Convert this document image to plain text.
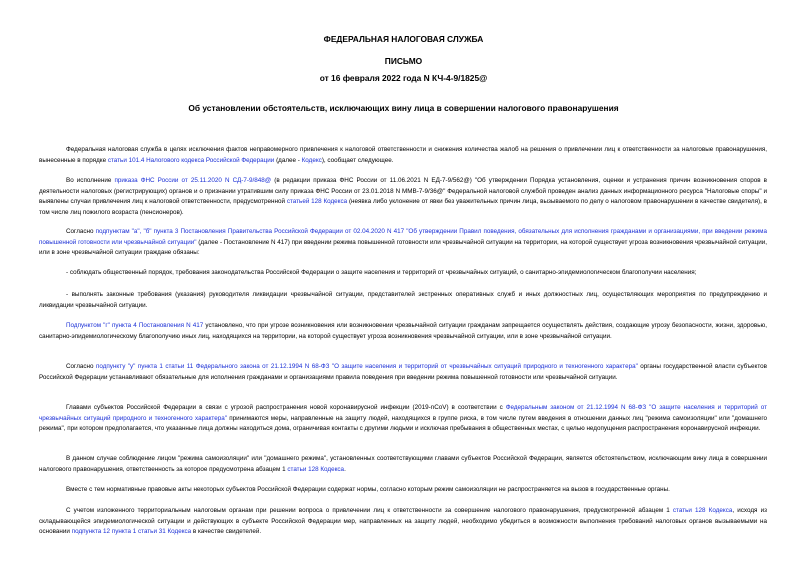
ФЕДЕРАЛЬНАЯ НАЛОГОВАЯ СЛУЖБА
ПИСЬМО
от 16 февраля 2022 года N КЧ-4-9/1825@
Об установлении обстоятельств, исключающих вину лица в совершении налогового правонарушения

Федеральная налоговая служба в целях исключения фактов неправомерного привлечения к налоговой ответственности и снижения количества жалоб на решения о привлечении лиц к ответственности за налоговые правонарушения, вынесенные в порядке статьи 101.4 Налогового кодекса Российской Федерации (далее - Кодекс), сообщает следующее.

Во исполнение приказа ФНС России от 25.11.2020 N СД-7-9/848@ (в редакции приказа ФНС России от 11.06.2021 N ЕД-7-9/562@) "Об утверждении Порядка установления, оценки и устранения причин возникновения споров в деятельности налоговых (регистрирующих) органов и о признании утратившим силу приказа ФНС России от 23.01.2018 N ММВ-7-9/36@" Федеральной налоговой службой проведен анализ данных информационного ресурса "Налоговые споры" и выявлены случаи привлечения лиц к налоговой ответственности, предусмотренной статьей 128 Кодекса (неявка либо уклонение от явки без уважительных причин лица, вызываемого по делу о налоговом правонарушении в качестве свидетеля), в том числе лиц пожилого возраста (пенсионеров).

Согласно подпунктам "а", "б" пункта 3 Постановления Правительства Российской Федерации от 02.04.2020 N 417 "Об утверждении Правил поведения, обязательных для исполнения гражданами и организациями, при введении режима повышенной готовности или чрезвычайной ситуации" (далее - Постановление N 417) при введении режима повышенной готовности или чрезвычайной ситуации на территории, на которой существует угроза возникновения чрезвычайной ситуации, или в зоне чрезвычайной ситуации граждане обязаны:

- соблюдать общественный порядок, требования законодательства Российской Федерации о защите населения и территорий от чрезвычайных ситуаций, о санитарно-эпидемиологическом благополучии населения;

- выполнять законные требования (указания) руководителя ликвидации чрезвычайной ситуации, представителей экстренных оперативных служб и иных должностных лиц, осуществляющих мероприятия по предупреждению и ликвидации чрезвычайной ситуации.

Подпунктом "г" пункта 4 Постановления N 417 установлено, что при угрозе возникновения или возникновении чрезвычайной ситуации гражданам запрещается осуществлять действия, создающие угрозу безопасности, жизни, здоровью, санитарно-эпидемиологическому благополучию иных лиц, находящихся на территории, на которой существует угроза возникновения чрезвычайной ситуации, или в зоне чрезвычайной ситуации.

Согласно подпункту "у" пункта 1 статьи 11 Федерального закона от 21.12.1994 N 68-ФЗ "О защите населения и территорий от чрезвычайных ситуаций природного и техногенного характера" органы государственной власти субъектов Российской Федерации устанавливают обязательные для исполнения гражданами и организациями правила поведения при введении режима повышенной готовности или чрезвычайной ситуации.

Главами субъектов Российской Федерации в связи с угрозой распространения новой коронавирусной инфекции (2019-nCoV) в соответствии с Федеральным законом от 21.12.1994 N 68-ФЗ "О защите населения и территорий от чрезвычайных ситуаций природного и техногенного характера" принимаются меры, направленные на защиту людей, находящихся в группе риска, в том числе путем введения в отношении данных лиц "режима самоизоляции" или "домашнего режима", при котором предполагается, что указанные лица должны находиться дома, ограничивая контакты с другими людьми и исключая пребывания в общественных местах, с целью недопущения распространения коронавирусной инфекции.

В данном случае соблюдение лицом "режима самоизоляции" или "домашнего режима", установленных соответствующими главами субъектов Российской Федерации, является обстоятельством, исключающим вину лица в совершении налогового правонарушения, ответственность за которое предусмотрена абзацем 1 статьи 128 Кодекса.

Вместе с тем нормативные правовые акты некоторых субъектов Российской Федерации содержат нормы, согласно которым режим самоизоляции не распространяется на вызов в государственные органы.

С учетом изложенного территориальным налоговым органам при решении вопроса о привлечении лиц к ответственности за совершение налогового правонарушения, предусмотренной абзацем 1 статьи 128 Кодекса, исходя из складывающейся эпидемиологической ситуации и действующих в субъекте Российской Федерации мер, направленных на защиту людей, необходимо убедиться в возможности выполнения требований налоговых органов вызываемыми на основании подпункта 12 пункта 1 статьи 31 Кодекса в качестве свидетелей.
